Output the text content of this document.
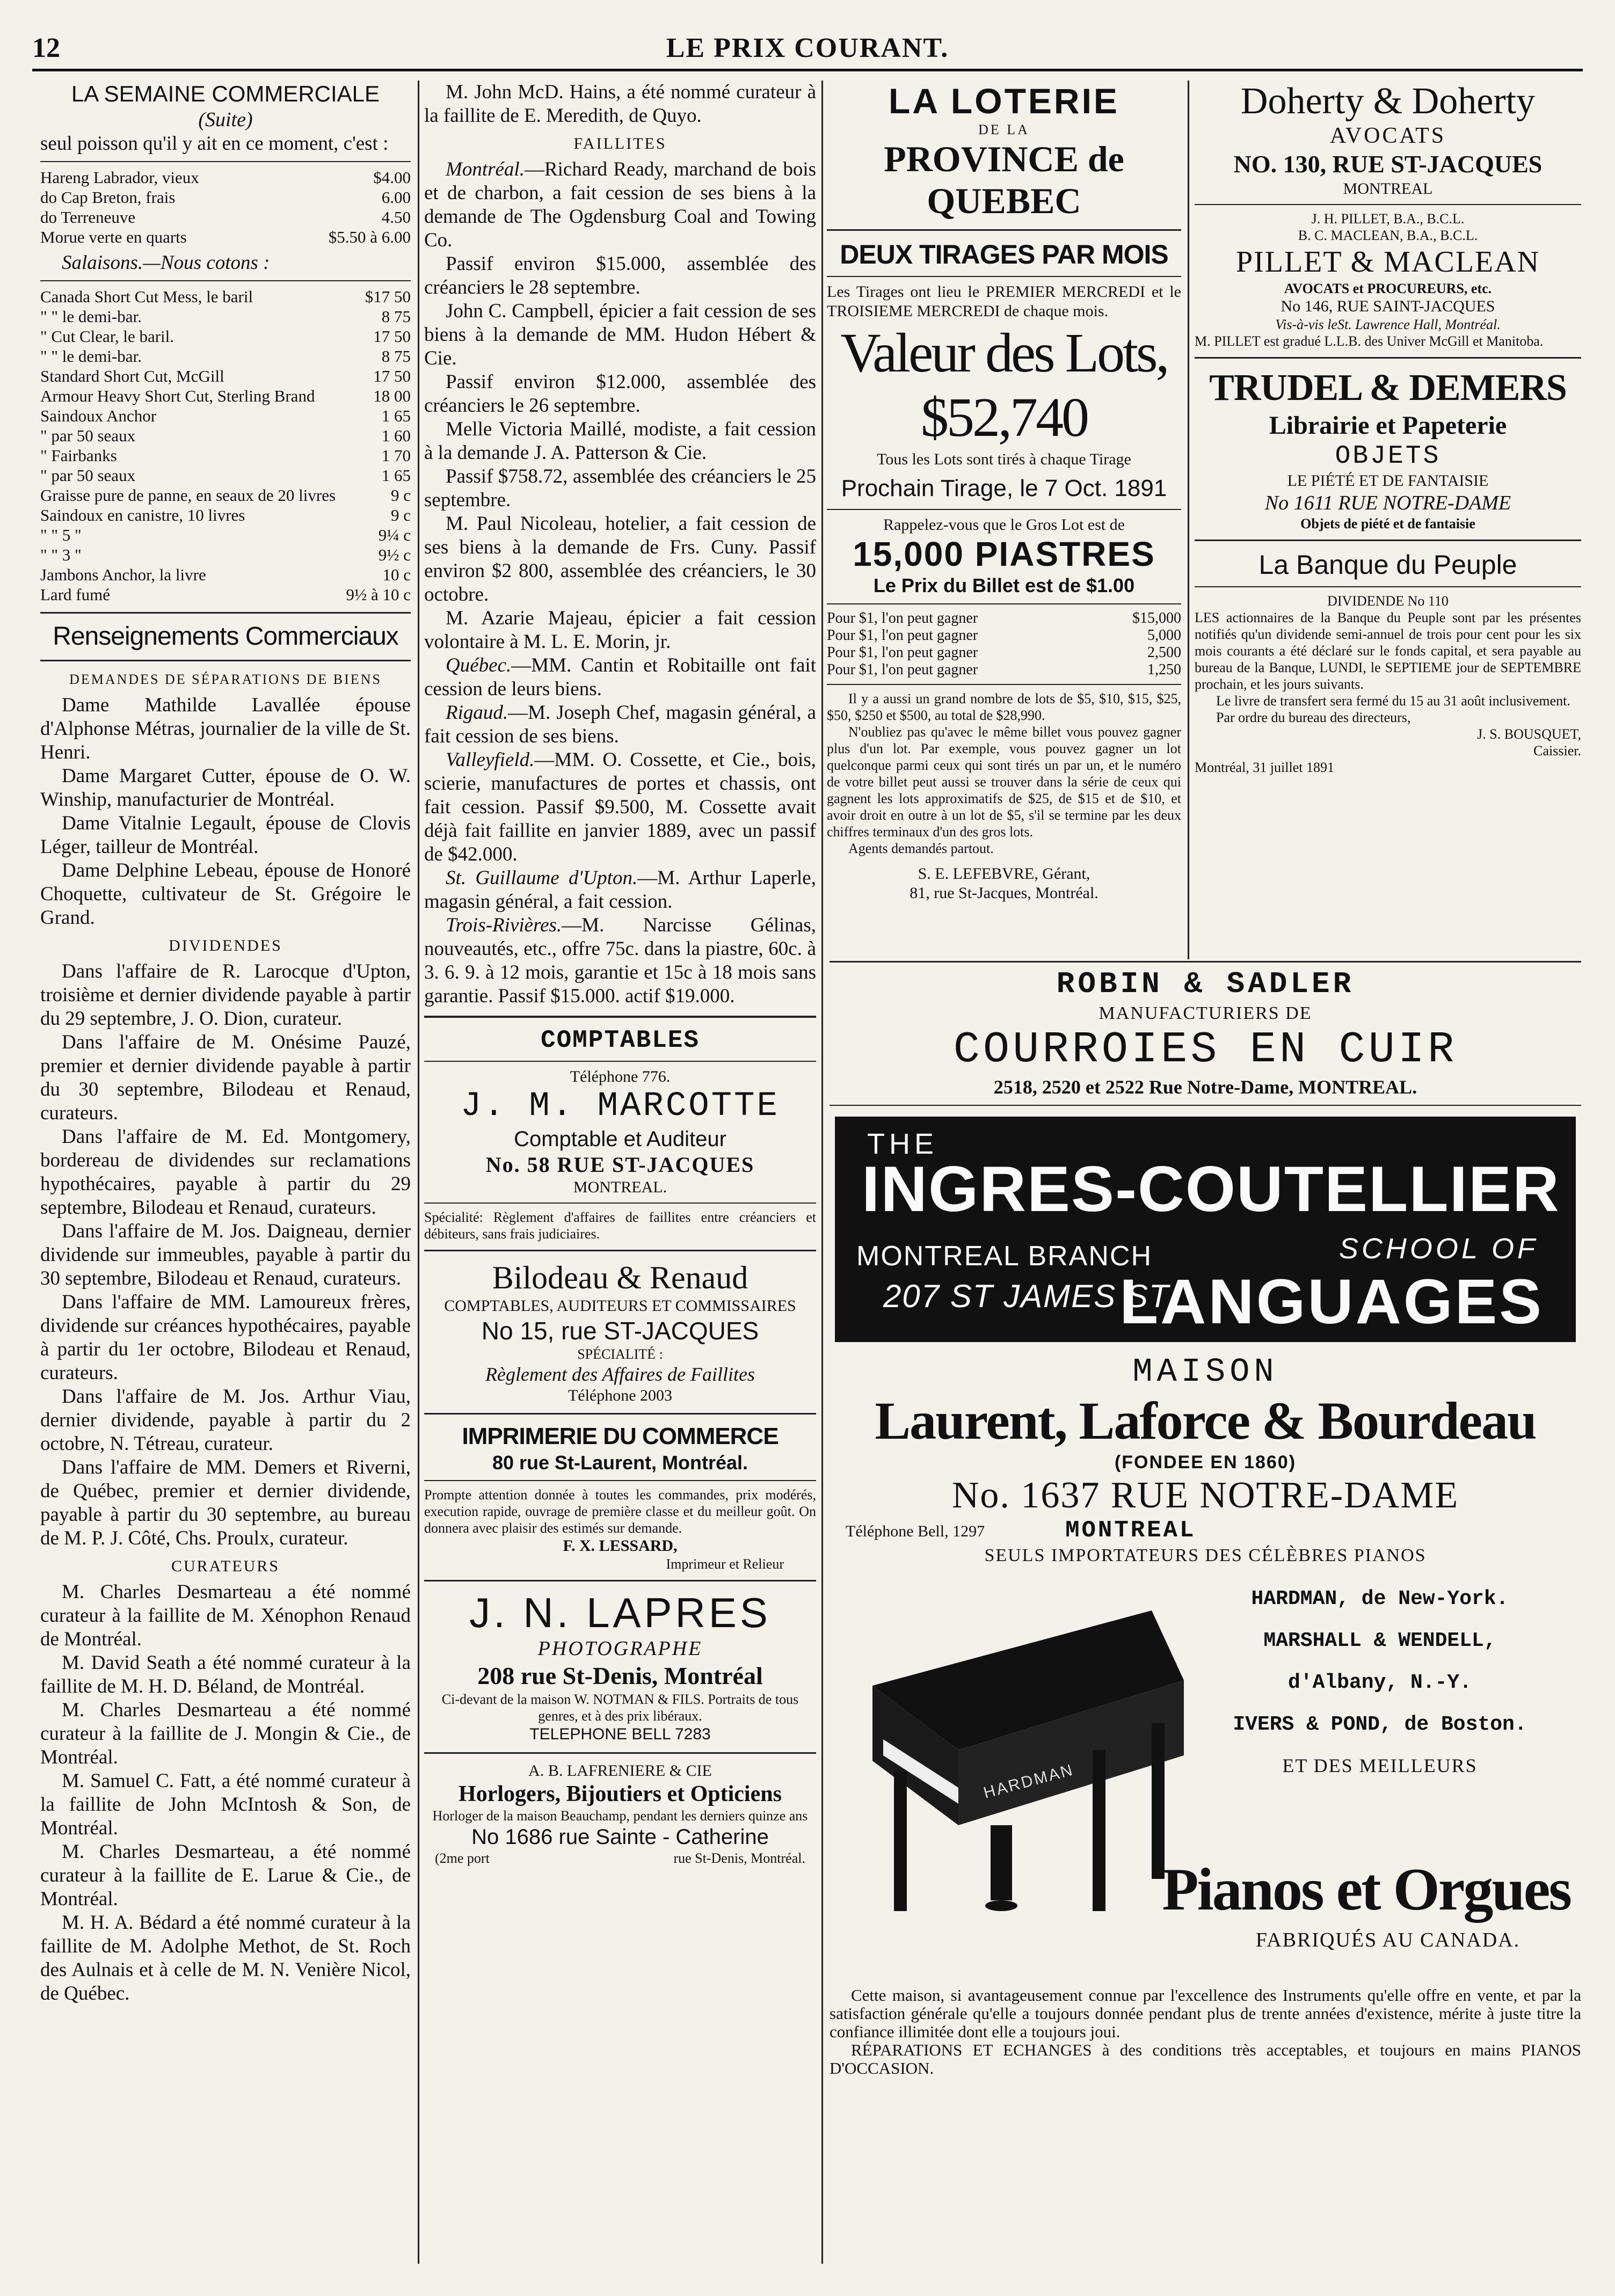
12	LE PRIX COURANT.

LA SEMAINE COMMERCIALE

(Suite)

seul poisson qu'il y ait en ce moment, c'est :

Hareng Labrador, vieux	$4.00
do Cap Breton, frais	6.00
do Terreneuve	4.50
Morue verte en quarts	$5.50 à 6.00

Salaisons.—Nous cotons :

Canada Short Cut Mess, le baril	$17 50
" " le demi-bar.	8 75
" Cut Clear, le baril.	17 50
" " le demi-bar.	8 75
Standard Short Cut, McGill	17 50
Armour Heavy Short Cut, Sterling Brand	18 00
Saindoux Anchor	1 65
" par 50 seaux	1 60
" Fairbanks	1 70
" par 50 seaux	1 65
Graisse pure de panne, en seaux de 20 livres	9 c
Saindoux en canistre, 10 livres	9 c
" " 5 "	9¼ c
" " 3 "	9½ c
Jambons Anchor, la livre	10 c
Lard fumé	9½ à 10 c

Renseignements Commerciaux

DEMANDES DE SÉPARATIONS DE BIENS

Dame Mathilde Lavallée épouse d'Alphonse Métras, journalier de la ville de St. Henri.

Dame Margaret Cutter, épouse de O. W. Winship, manufacturier de Montréal.

Dame Vitalnie Legault, épouse de Clovis Léger, tailleur de Montréal.

Dame Delphine Lebeau, épouse de Honoré Choquette, cultivateur de St. Grégoire le Grand.

DIVIDENDES

Dans l'affaire de R. Larocque d'Upton, troisième et dernier dividende payable à partir du 29 septembre, J. O. Dion, curateur.

Dans l'affaire de M. Onésime Pauzé, premier et dernier dividende payable à partir du 30 septembre, Bilodeau et Renaud, curateurs.

Dans l'affaire de M. Ed. Montgomery, bordereau de dividendes sur reclamations hypothécaires, payable à partir du 29 septembre, Bilodeau et Renaud, curateurs.

Dans l'affaire de M. Jos. Daigneau, dernier dividende sur immeubles, payable à partir du 30 septembre, Bilodeau et Renaud, curateurs.

Dans l'affaire de MM. Lamoureux frères, dividende sur créances hypothécaires, payable à partir du 1er octobre, Bilodeau et Renaud, curateurs.

Dans l'affaire de M. Jos. Arthur Viau, dernier dividende, payable à partir du 2 octobre, N. Tétreau, curateur.

Dans l'affaire de MM. Demers et Riverni, de Québec, premier et dernier dividende, payable à partir du 30 septembre, au bureau de M. P. J. Côté, Chs. Proulx, curateur.

CURATEURS

M. Charles Desmarteau a été nommé curateur à la faillite de M. Xénophon Renaud de Montréal.

M. David Seath a été nommé curateur à la faillite de M. H. D. Béland, de Montréal.

M. Charles Desmarteau a été nommé curateur à la faillite de J. Mongin & Cie., de Montréal.

M. Samuel C. Fatt, a été nommé curateur à la faillite de John McIntosh & Son, de Montréal.

M. Charles Desmarteau, a été nommé curateur à la faillite de E. Larue & Cie., de Montréal.

M. H. A. Bédard a été nommé curateur à la faillite de M. Adolphe Methot, de St. Roch des Aulnais et à celle de M. N. Venière Nicol, de Québec.

M. John McD. Hains, a été nommé curateur à la faillite de E. Meredith, de Quyo.

FAILLITES

Montréal.—Richard Ready, marchand de bois et de charbon, a fait cession de ses biens à la demande de The Ogdensburg Coal and Towing Co.

Passif environ $15.000, assemblée des créanciers le 28 septembre.

John C. Campbell, épicier a fait cession de ses biens à la demande de MM. Hudon Hébert & Cie.

Passif environ $12.000, assemblée des créanciers le 26 septembre.

Melle Victoria Maillé, modiste, a fait cession à la demande J. A. Patterson & Cie.

Passif $758.72, assemblée des créanciers le 25 septembre.

M. Paul Nicoleau, hotelier, a fait cession de ses biens à la demande de Frs. Cuny. Passif environ $2 800, assemblée des créanciers, le 30 octobre.

M. Azarie Majeau, épicier a fait cession volontaire à M. L. E. Morin, jr.

Québec.—MM. Cantin et Robitaille ont fait cession de leurs biens.

Rigaud.—M. Joseph Chef, magasin général, a fait cession de ses biens.

Valleyfield.—MM. O. Cossette, et Cie., bois, scierie, manufactures de portes et chassis, ont fait cession. Passif $9.500, M. Cossette avait déjà fait faillite en janvier 1889, avec un passif de $42.000.

St. Guillaume d'Upton.—M. Arthur Laperle, magasin général, a fait cession.

Trois-Rivières.—M. Narcisse Gélinas, nouveautés, etc., offre 75c. dans la piastre, 60c. à 3. 6. 9. à 12 mois, garantie et 15c à 18 mois sans garantie. Passif $15.000. actif $19.000.

COMPTABLES

Téléphone 776.

J. M. MARCOTTE

Comptable et Auditeur

No. 58 RUE ST-JACQUES

MONTREAL.

Spécialité: Règlement d'affaires de faillites entre créanciers et débiteurs, sans frais judiciaires.

Bilodeau & Renaud

COMPTABLES, AUDITEURS ET COMMISSAIRES

No 15, rue ST-JACQUES

SPÉCIALITÉ :

Règlement des Affaires de Faillites

Téléphone 2003

IMPRIMERIE DU COMMERCE

80 rue St-Laurent, Montréal.

Prompte attention donnée à toutes les commandes, prix modérés, execution rapide, ouvrage de première classe et du meilleur goût. On donnera avec plaisir des estimés sur demande.

F. X. LESSARD,

Imprimeur et Relieur

J. N. LAPRES

PHOTOGRAPHE

208 rue St-Denis, Montréal

Ci-devant de la maison W. NOTMAN & FILS. Portraits de tous genres, et à des prix libéraux.

TELEPHONE BELL 7283

A. B. LAFRENIERE & CIE

Horlogers, Bijoutiers et Opticiens

Horloger de la maison Beauchamp, pendant les derniers quinze ans

No 1686 rue Sainte - Catherine

(2me port	rue St-Denis, Montréal.

LA LOTERIE

DE LA

PROVINCE de QUEBEC

DEUX TIRAGES PAR MOIS

Les Tirages ont lieu le PREMIER MERCREDI et le TROISIEME MERCREDI de chaque mois.

Valeur des Lots, $52,740

Tous les Lots sont tirés à chaque Tirage

Prochain Tirage, le 7 Oct. 1891

Rappelez-vous que le Gros Lot est de

15,000 PIASTRES

Le Prix du Billet est de $1.00

Pour $1, l'on peut gagner	$15,000
Pour $1, l'on peut gagner	5,000
Pour $1, l'on peut gagner	2,500
Pour $1, l'on peut gagner	1,250

Il y a aussi un grand nombre de lots de $5, $10, $15, $25, $50, $250 et $500, au total de $28,990.

N'oubliez pas qu'avec le même billet vous pouvez gagner plus d'un lot. Par exemple, vous pouvez gagner un lot quelconque parmi ceux qui sont tirés un par un, et le numéro de votre billet peut aussi se trouver dans la série de ceux qui gagnent les lots approximatifs de $25, de $15 et de $10, et avoir droit en outre à un lot de $5, s'il se termine par les deux chiffres terminaux d'un des gros lots.

Agents demandés partout.

S. E. LEFEBVRE, Gérant,

81, rue St-Jacques, Montréal.

Doherty & Doherty

AVOCATS

NO. 130, RUE ST-JACQUES

MONTREAL

J. H. PILLET, B.A., B.C.L.

B. C. MACLEAN, B.A., B.C.L.

PILLET & MACLEAN

AVOCATS et PROCUREURS, etc.

No 146, RUE SAINT-JACQUES

Vis-à-vis leSt. Lawrence Hall, Montréal.

M. PILLET est gradué L.L.B. des Univer McGill et Manitoba.

TRUDEL & DEMERS

Librairie et Papeterie

OBJETS

LE PIÉTÉ ET DE FANTAISIE

No 1611 RUE NOTRE-DAME

Objets de piété et de fantaisie

La Banque du Peuple

DIVIDENDE No 110

LES actionnaires de la Banque du Peuple sont par les présentes notifiés qu'un dividende semi-annuel de trois pour cent pour les six mois courants a été déclaré sur le fonds capital, et sera payable au bureau de la Banque, LUNDI, le SEPTIEME jour de SEPTEMBRE prochain, et les jours suivants.

Le livre de transfert sera fermé du 15 au 31 août inclusivement.

Par ordre du bureau des directeurs,

J. S. BOUSQUET,

Caissier.

Montréal, 31 juillet 1891

ROBIN & SADLER

MANUFACTURIERS DE

COURROIES EN CUIR

2518, 2520 et 2522 Rue Notre-Dame, MONTREAL.

THE

INGRES-COUTELLIER

SCHOOL OF

MONTREAL BRANCH

207 ST JAMES ST

LANGUAGES

MAISON

Laurent, Laforce & Bourdeau

(FONDEE EN 1860)

No. 1637 RUE NOTRE-DAME

Téléphone Bell, 1297	MONTREAL

SEULS IMPORTATEURS DES CÉLÈBRES PIANOS

HARDMAN

HARDMAN, de New-York.

MARSHALL & WENDELL,

d'Albany, N.-Y.

IVERS & POND, de Boston.

ET DES MEILLEURS

Pianos et Orgues

FABRIQUÉS AU CANADA.

Cette maison, si avantageusement connue par l'excellence des Instruments qu'elle offre en vente, et par la satisfaction générale qu'elle a toujours donnée pendant plus de trente années d'existence, mérite à juste titre la confiance illimitée dont elle a toujours joui.

RÉPARATIONS ET ECHANGES à des conditions très acceptables, et toujours en mains PIANOS D'OCCASION.
